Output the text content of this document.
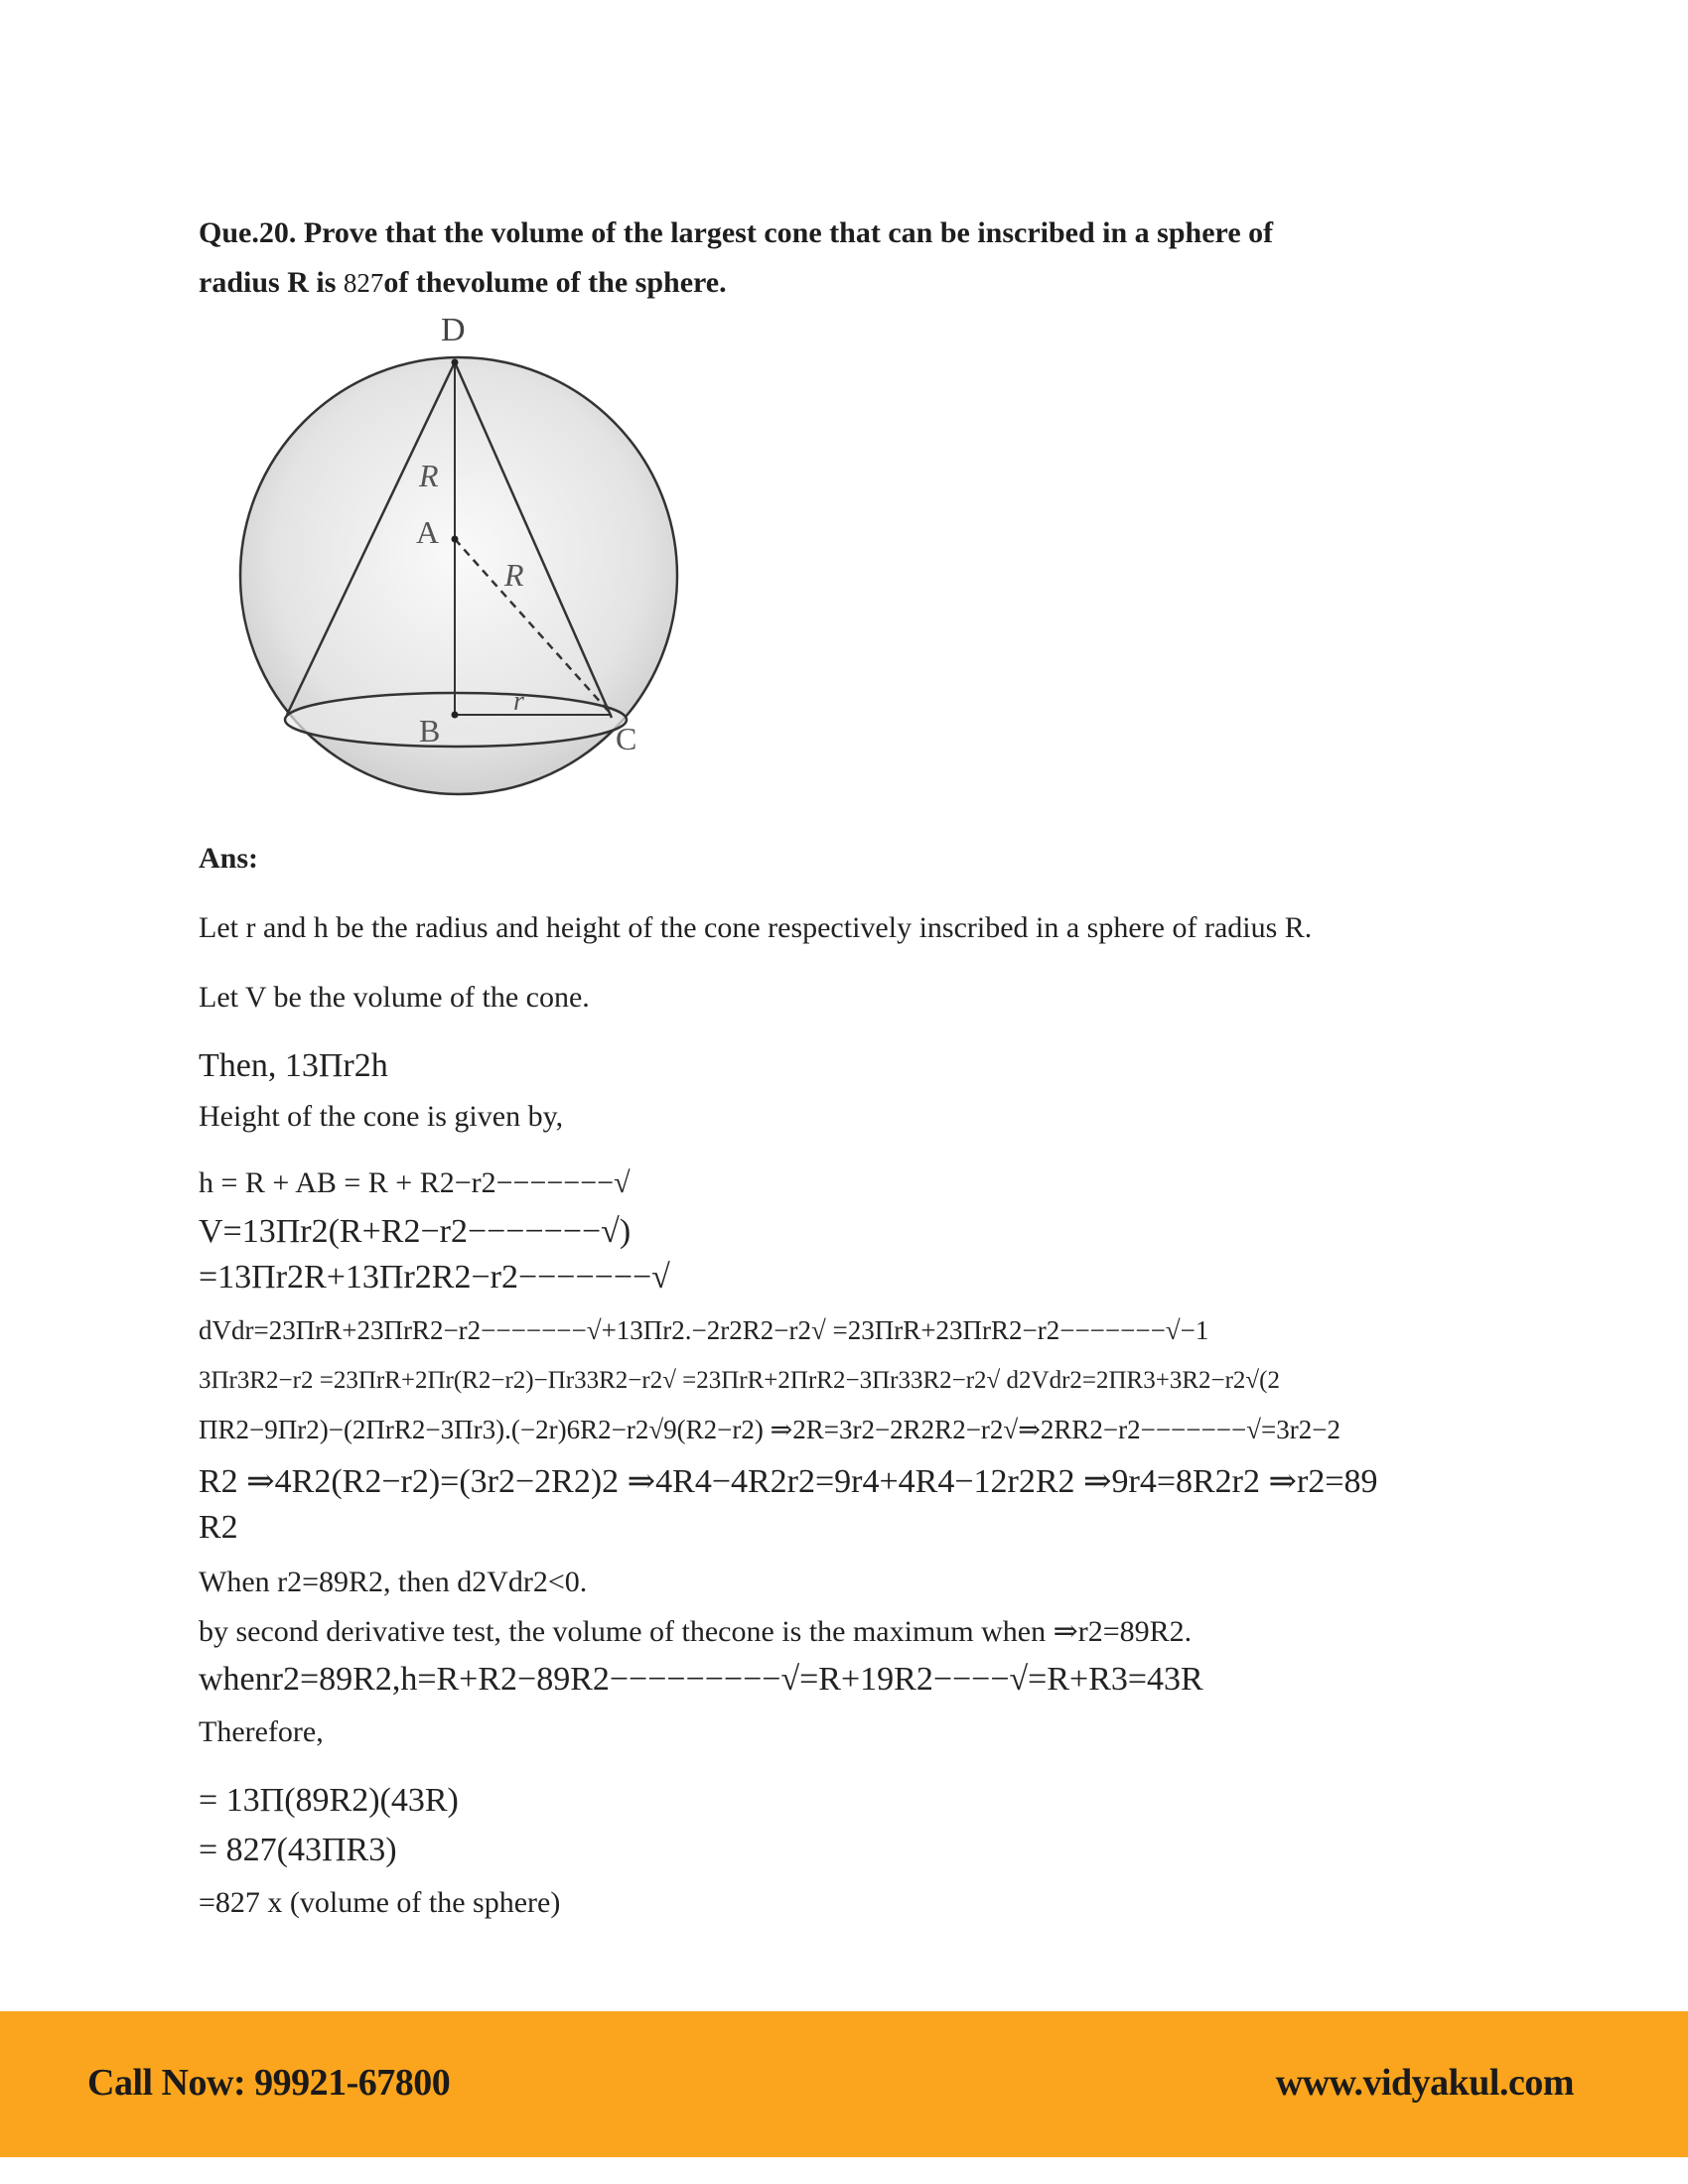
Que.20. Prove that the volume of the largest cone that can be inscribed in a sphere of
radius R is 827of thevolume of the sphere.
D
R
A
R
r
B	C
Ans:
Let r and h be the radius and height of the cone respectively inscribed in a sphere of radius R.
Let V be the volume of the cone.
Then, 13Πr2h
Height of the cone is given by,
h = R + AB = R + R2−r2−−−−−−−√
V=13Πr2(R+R2−r2−−−−−−−√)
=13Πr2R+13Πr2R2−r2−−−−−−−√
dVdr=23ΠrR+23ΠrR2−r2−−−−−−−√+13Πr2.−2r2R2−r2√ =23ΠrR+23ΠrR2−r2−−−−−−−√−1
3Πr3R2−r2 =23ΠrR+2Πr(R2−r2)−Πr33R2−r2√ =23ΠrR+2ΠrR2−3Πr33R2−r2√ d2Vdr2=2ΠR3+3R2−r2√(2
ΠR2−9Πr2)−(2ΠrR2−3Πr3).(−2r)6R2−r2√9(R2−r2) ⇒2R=3r2−2R2R2−r2√⇒2RR2−r2−−−−−−−√=3r2−2
R2 ⇒4R2(R2−r2)=(3r2−2R2)2 ⇒4R4−4R2r2=9r4+4R4−12r2R2 ⇒9r4=8R2r2 ⇒r2=89
R2
When r2=89R2, then d2Vdr2<0.
by second derivative test, the volume of thecone is the maximum when ⇒r2=89R2.
whenr2=89R2,h=R+R2−89R2−−−−−−−−−√=R+19R2−−−−√=R+R3=43R
Therefore,
= 13Π(89R2)(43R)
= 827(43ΠR3)
=827 x (volume of the sphere)
Call Now: 99921-67800	www.vidyakul.com
